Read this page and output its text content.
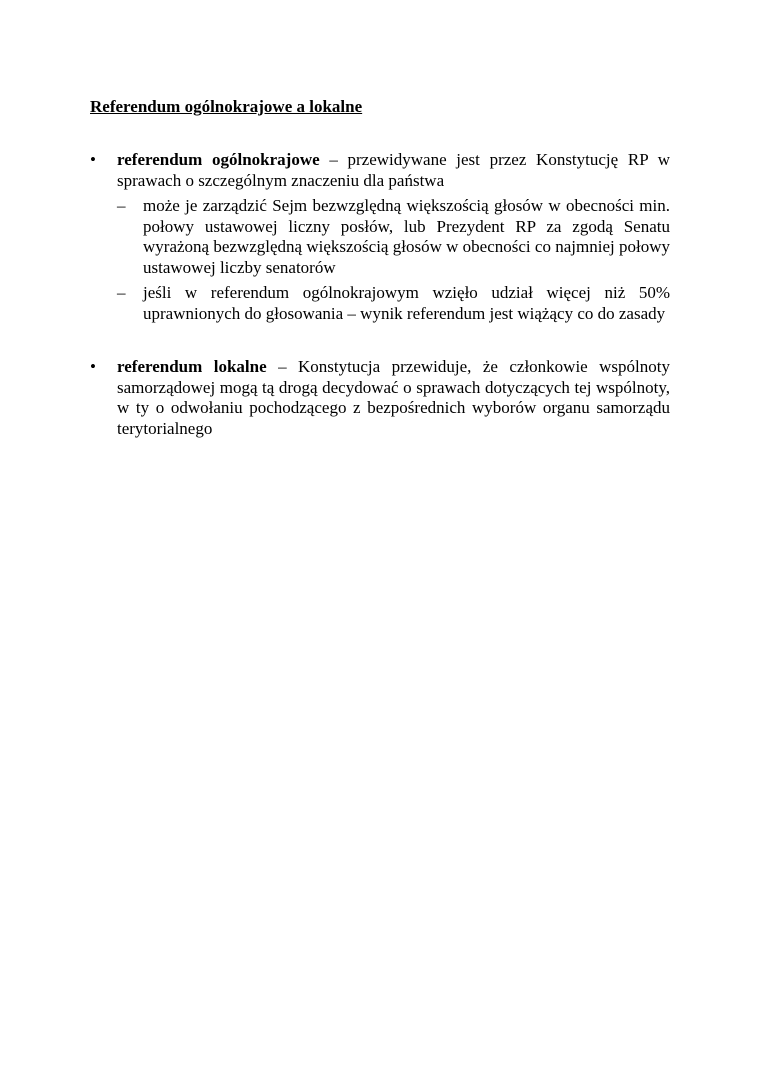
Referendum ogólnokrajowe a lokalne
• referendum ogólnokrajowe – przewidywane jest przez Konstytucję RP w sprawach o szczególnym znaczeniu dla państwa
– może je zarządzić Sejm bezwzględną większością głosów w obecności min. połowy ustawowej liczny posłów, lub Prezydent RP za zgodą Senatu wyrażoną bezwzględną większością głosów w obecności co najmniej połowy ustawowej liczby senatorów
– jeśli w referendum ogólnokrajowym wzięło udział więcej niż 50% uprawnionych do głosowania – wynik referendum jest wiążący co do zasady
• referendum lokalne – Konstytucja przewiduje, że członkowie wspólnoty samorządowej mogą tą drogą decydować o sprawach dotyczących tej wspólnoty, w ty o odwołaniu pochodzącego z bezpośrednich wyborów organu samorządu terytorialnego
